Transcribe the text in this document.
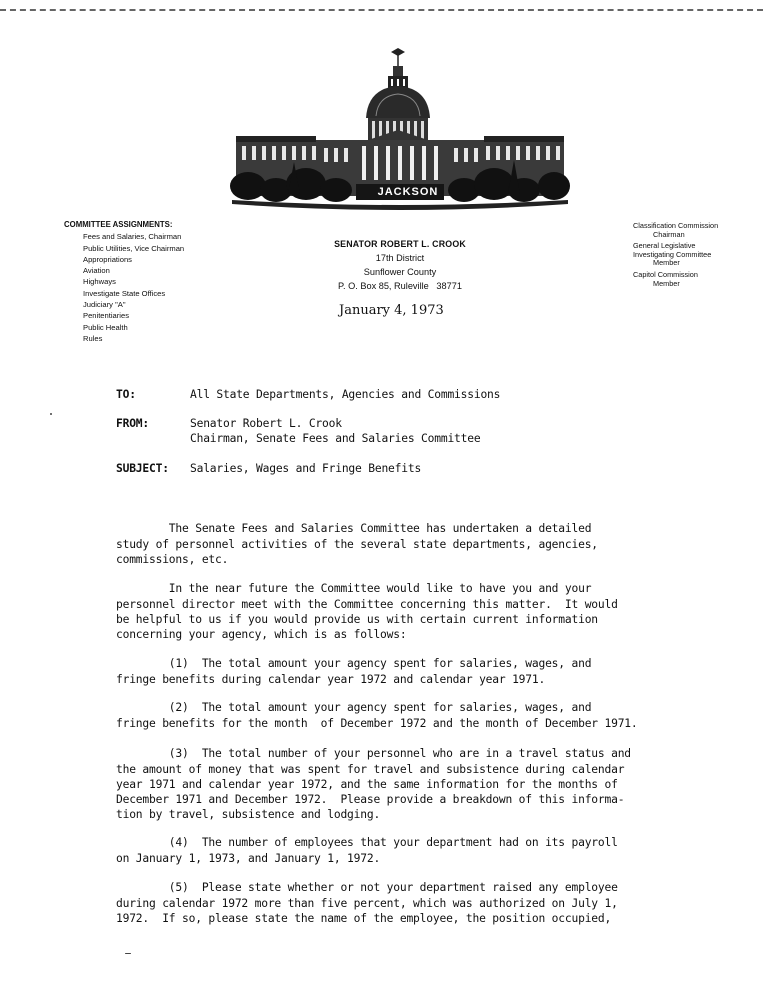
JACKSON
COMMITTEE ASSIGNMENTS:
Fees and Salaries, Chairman
Public Utilities, Vice Chairman
Appropriations
Aviation
Highways
Investigate State Offices
Judiciary "A"
Penitentiaries
Public Health
Rules
SENATOR ROBERT L. CROOK
17th District
Sunflower County
P. O. Box 85, Ruleville   38771
January 4, 1973
Classification Commission
Chairman
General Legislative
Investigating Committee
Member
Capitol Commission
Member
TO:	All State Departments, Agencies and Commissions
FROM:	Senator Robert L. Crook
Chairman, Senate Fees and Salaries Committee
SUBJECT: Salaries, Wages and Fringe Benefits

The Senate Fees and Salaries Committee has undertaken a detailed
study of personnel activities of the several state departments, agencies,
commissions, etc.

In the near future the Committee would like to have you and your
personnel director meet with the Committee concerning this matter.  It would
be helpful to us if you would provide us with certain current information
concerning your agency, which is as follows:

(1)  The total amount your agency spent for salaries, wages, and
fringe benefits during calendar year 1972 and calendar year 1971.

(2)  The total amount your agency spent for salaries, wages, and
fringe benefits for the month  of December 1972 and the month of December 1971.

(3)  The total number of your personnel who are in a travel status and
the amount of money that was spent for travel and subsistence during calendar
year 1971 and calendar year 1972, and the same information for the months of
December 1971 and December 1972.  Please provide a breakdown of this informa-
tion by travel, subsistence and lodging.

(4)  The number of employees that your department had on its payroll
on January 1, 1973, and January 1, 1972.

(5)  Please state whether or not your department raised any employee
during calendar 1972 more than five percent, which was authorized on July 1,
1972.  If so, please state the name of the employee, the position occupied,
